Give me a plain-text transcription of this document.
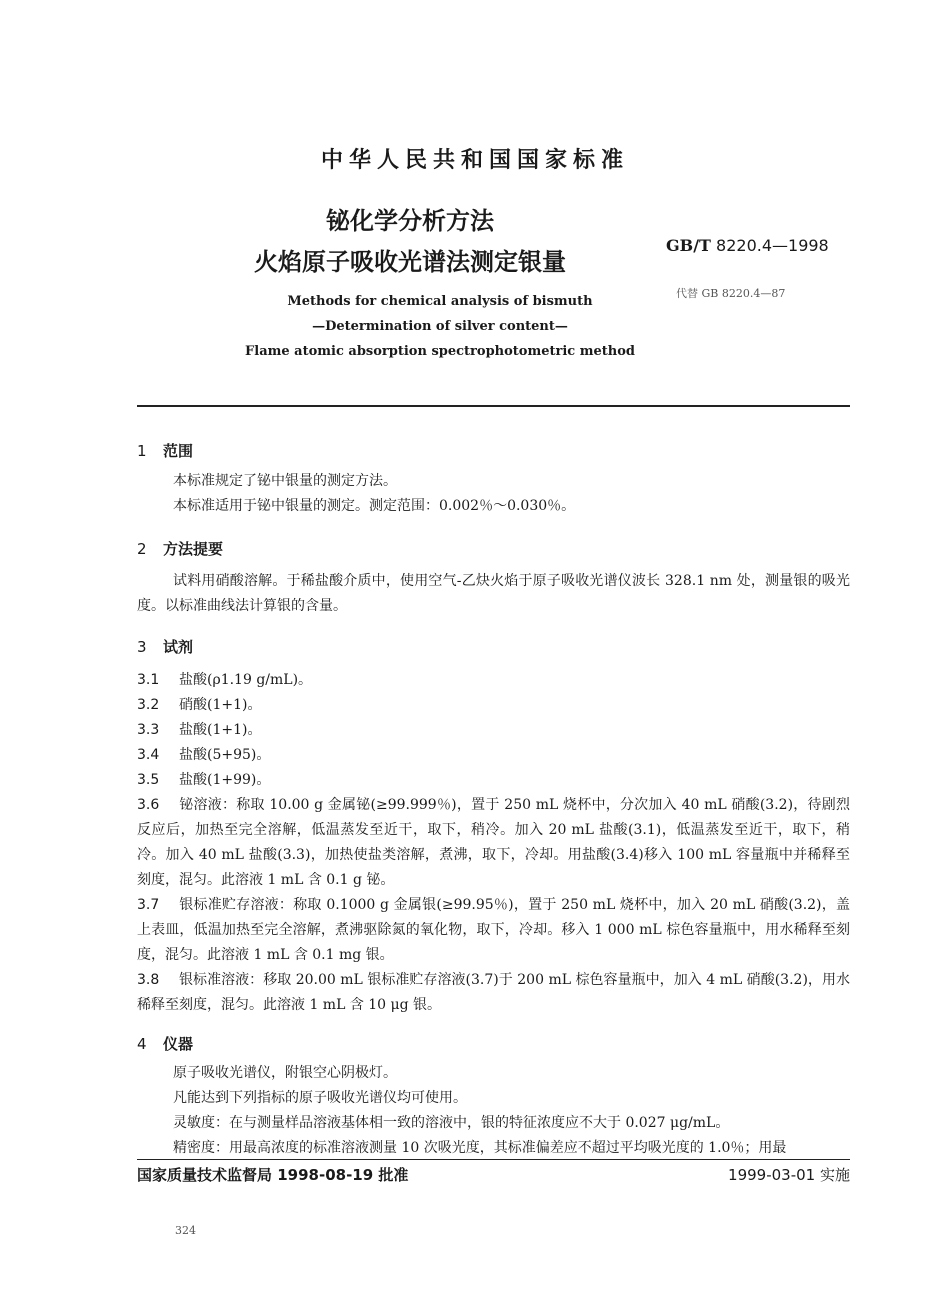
中华人民共和国国家标准
铋化学分析方法
火焰原子吸收光谱法测定银量
GB/T 8220.4—1998
代替 GB 8220.4—87
Methods for chemical analysis of bismuth
—Determination of silver content—
Flame atomic absorption spectrophotometric method
1 范围
本标准规定了铋中银量的测定方法。
本标准适用于铋中银量的测定。测定范围：0.002％～0.030％。
2 方法提要
试料用硝酸溶解。于稀盐酸介质中，使用空气-乙炔火焰于原子吸收光谱仪波长 328.1 nm 处，测量银的吸光度。以标准曲线法计算银的含量。
3 试剂
3.1 盐酸(ρ1.19 g/mL)。
3.2 硝酸(1+1)。
3.3 盐酸(1+1)。
3.4 盐酸(5+95)。
3.5 盐酸(1+99)。
3.6 铋溶液：称取 10.00 g 金属铋(≥99.999％)，置于 250 mL 烧杯中，分次加入 40 mL 硝酸(3.2)，待剧烈反应后，加热至完全溶解，低温蒸发至近干，取下，稍冷。加入 20 mL 盐酸(3.1)，低温蒸发至近干，取下，稍冷。加入 40 mL 盐酸(3.3)，加热使盐类溶解，煮沸，取下，冷却。用盐酸(3.4)移入 100 mL 容量瓶中并稀释至刻度，混匀。此溶液 1 mL 含 0.1 g 铋。
3.7 银标准贮存溶液：称取 0.1000 g 金属银(≥99.95％)，置于 250 mL 烧杯中，加入 20 mL 硝酸(3.2)，盖上表皿，低温加热至完全溶解，煮沸驱除氮的氧化物，取下，冷却。移入 1 000 mL 棕色容量瓶中，用水稀释至刻度，混匀。此溶液 1 mL 含 0.1 mg 银。
3.8 银标准溶液：移取 20.00 mL 银标准贮存溶液(3.7)于 200 mL 棕色容量瓶中，加入 4 mL 硝酸(3.2)，用水稀释至刻度，混匀。此溶液 1 mL 含 10 μg 银。
4 仪器
原子吸收光谱仪，附银空心阴极灯。
凡能达到下列指标的原子吸收光谱仪均可使用。
灵敏度：在与测量样品溶液基体相一致的溶液中，银的特征浓度应不大于 0.027 μg/mL。
精密度：用最高浓度的标准溶液测量 10 次吸光度，其标准偏差应不超过平均吸光度的 1.0％；用最
国家质量技术监督局 1998-08-19 批准	1999-03-01 实施
324
